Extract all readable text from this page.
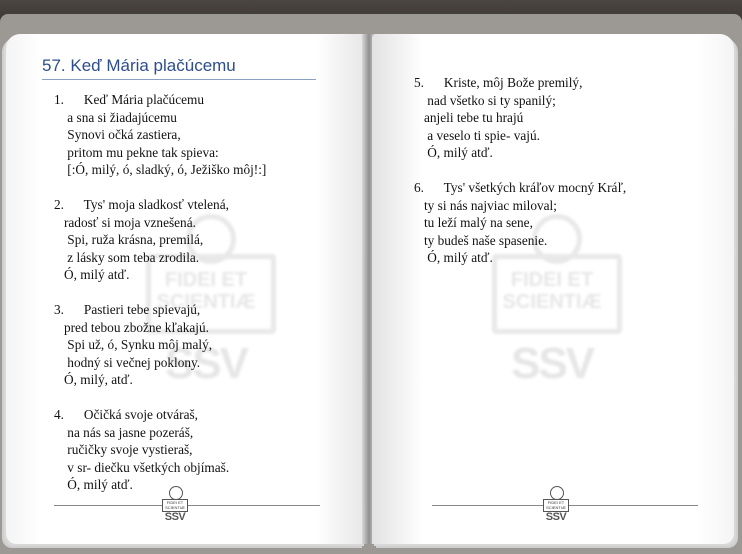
FIDEI ET
SCIENTIÆ
SSV
57. Keď Mária plačúcemu
1.      Keď Mária plačúcemu
a sna si žiadajúcemu
Synovi očká zastiera,
pritom mu pekne tak spieva:
[:Ó, milý, ó, sladký, ó, Ježiško môj!:]
2.      Tys' moja sladkosť vtelená,
radosť si moja vznešená.
Spi, ruža krásna, premilá,
z lásky som teba zrodila.
Ó, milý atď.
3.      Pastieri tebe spievajú,
pred tebou zbožne kľakajú.
Spi už, ó, Synku môj malý,
hodný si večnej poklony.
Ó, milý, atď.
4.      Očičká svoje otváraš,
na nás sa jasne pozeráš,
ručičky svoje vystieraš,
v sr- diečku všetkých objímaš.
Ó, milý atď.
FIDEI ET
SCIENTIÆ
SSV
FIDEI ET
SCIENTIÆ
SSV
5.      Kriste, môj Bože premilý,
nad všetko si ty spanilý;
anjeli tebe tu hrajú
a veselo ti spie- vajú.
Ó, milý atď.
6.      Tys' všetkých kráľov mocný Kráľ,
ty si nás najviac miloval;
tu leží malý na sene,
ty budeš naše spasenie.
Ó, milý atď.
FIDEI ET
SCIENTIÆ
SSV
